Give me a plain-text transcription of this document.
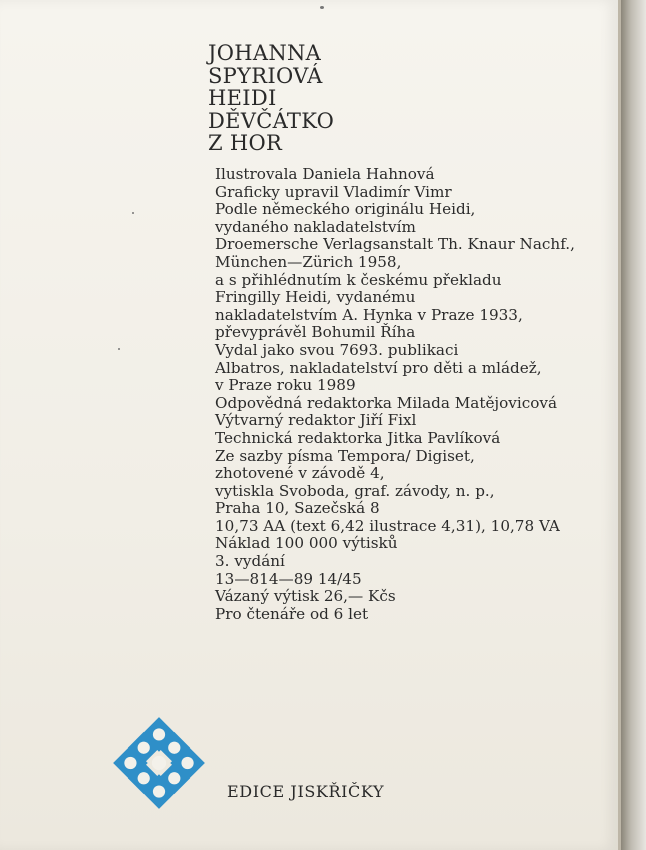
JOHANNA
SPYRIOVÁ
HEIDI
DĚVČÁTKO
Z HOR
Ilustrovala Daniela Hahnová
Graficky upravil Vladimír Vimr
Podle německého originálu Heidi,
vydaného nakladatelstvím
Droemersche Verlagsanstalt Th. Knaur Nachf.,
München—Zürich 1958,
a s přihlédnutím k českému překladu
Fringilly Heidi, vydanému
nakladatelstvím A. Hynka v Praze 1933,
převyprávěl Bohumil Říha
Vydal jako svou 7693. publikaci
Albatros, nakladatelství pro děti a mládež,
v Praze roku 1989
Odpovědná redaktorka Milada Matějovicová
Výtvarný redaktor Jiří Fixl
Technická redaktorka Jitka Pavlíková
Ze sazby písma Tempora/ Digiset,
zhotovené v závodě 4,
vytiskla Svoboda, graf. závody, n. p.,
Praha 10, Sazečská 8
10,73 AA (text 6,42 ilustrace 4,31), 10,78 VA
Náklad 100 000 výtisků
3. vydání
13—814—89 14/45
Vázaný výtisk 26,— Kčs
Pro čtenáře od 6 let
EDICE JISKŘIČKY
